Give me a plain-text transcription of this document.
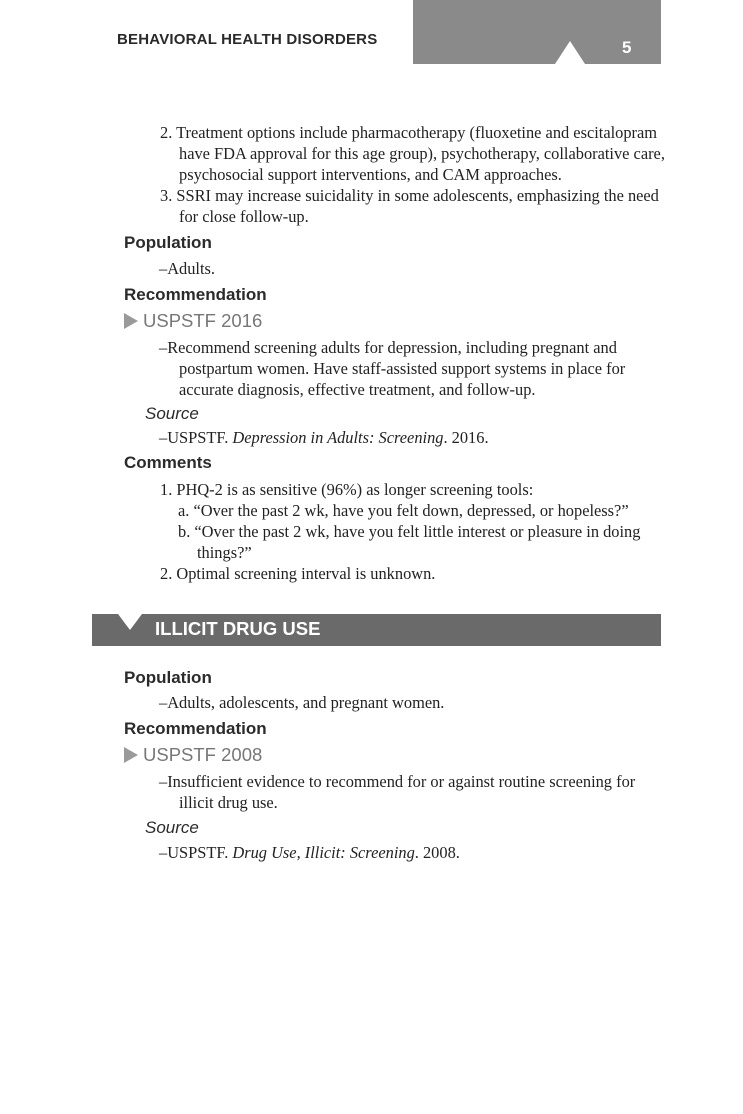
BEHAVIORAL HEALTH DISORDERS	5

2. Treatment options include pharmacotherapy (fluoxetine and escitalopram have FDA approval for this age group), psychotherapy, collaborative care, psychosocial support interventions, and CAM approaches.

3. SSRI may increase suicidality in some adolescents, emphasizing the need for close follow-up.

Population
–Adults.
Recommendation
USPSTF 2016

–Recommend screening adults for depression, including pregnant and postpartum women. Have staff-assisted support systems in place for accurate diagnosis, effective treatment, and follow-up.

Source
–USPSTF. Depression in Adults: Screening. 2016.
Comments

1. PHQ-2 is as sensitive (96%) as longer screening tools:

a. “Over the past 2 wk, have you felt down, depressed, or hopeless?”

b. “Over the past 2 wk, have you felt little interest or pleasure in doing things?”

2. Optimal screening interval is unknown.

ILLICIT DRUG USE
Population
–Adults, adolescents, and pregnant women.
Recommendation
USPSTF 2008

–Insufficient evidence to recommend for or against routine screening for illicit drug use.

Source
–USPSTF. Drug Use, Illicit: Screening. 2008.
